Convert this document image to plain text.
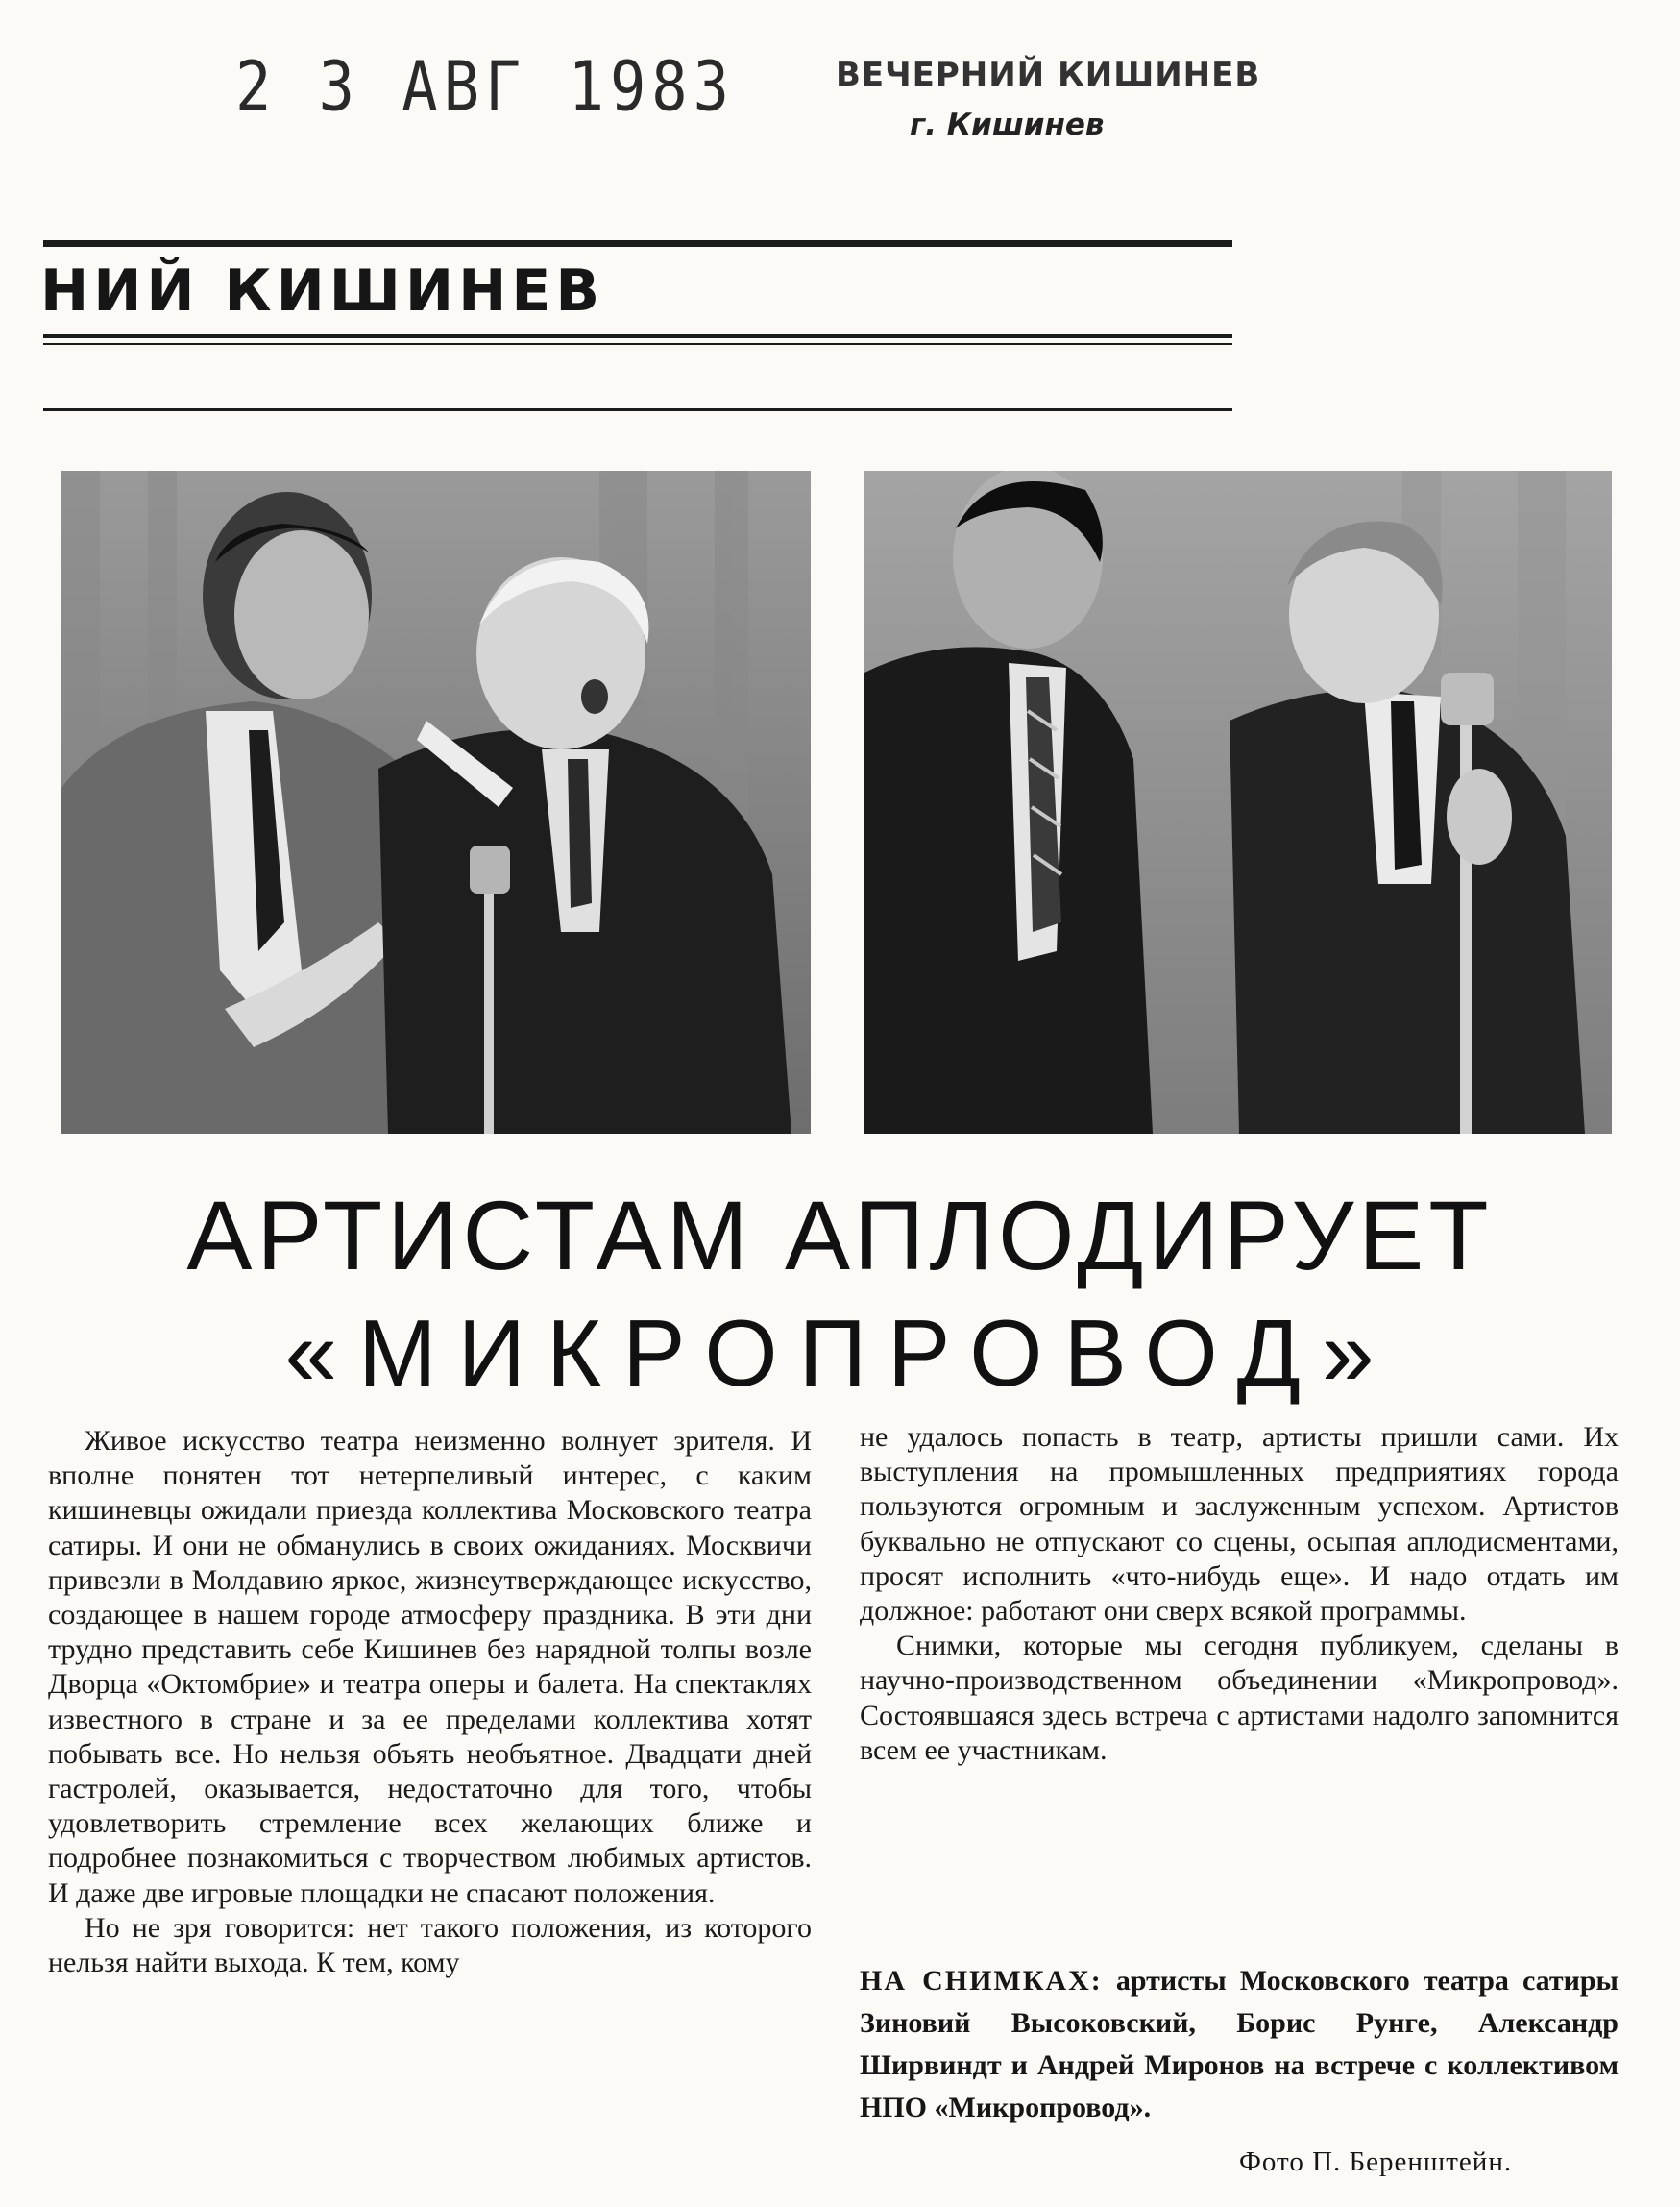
2 3 АВГ 1983	ВЕЧЕРНИЙ КИШИНЕВ
г. Кишинев
НИЙ КИШИНЕВ
АРТИСТАМ АПЛОДИРУЕТ
«МИКРОПРОВОД»

Живое искусство театра неизменно волнует зрителя. И вполне понятен тот нетерпеливый интерес, с каким кишиневцы ожидали приезда коллектива Московского театра сатиры. И они не обманулись в своих ожиданиях. Москвичи привезли в Молдавию яркое, жизнеутверждающее искусство, создающее в нашем городе атмосферу праздника. В эти дни трудно представить себе Кишинев без нарядной толпы возле Дворца «Октомбрие» и театра оперы и балета. На спектаклях известного в стране и за ее пределами коллектива хотят побывать все. Но нельзя объять необъятное. Двадцати дней гастролей, оказывается, недостаточно для того, чтобы удовлетворить стремление всех желающих ближе и подробнее познакомиться с творчеством любимых артистов. И даже две игровые площадки не спасают положения.

Но не зря говорится: нет такого положения, из которого нельзя найти выхода. К тем, кому

не удалось попасть в театр, артисты пришли сами. Их выступления на промышленных предприятиях города пользуются огромным и заслуженным успехом. Артистов буквально не отпускают со сцены, осыпая аплодисментами, просят исполнить «что-нибудь еще». И надо отдать им должное: работают они сверх всякой программы.

Снимки, которые мы сегодня публикуем, сделаны в научно-производственном объединении «Микропровод». Состоявшаяся здесь встреча с артистами надолго запомнится всем ее участникам.

НА СНИМКАХ: артисты Московского театра сатиры Зиновий Высоковский, Борис Рунге, Александр Ширвиндт и Андрей Миронов на встрече с коллективом НПО «Микропровод».
Фото П. Беренштейн.
